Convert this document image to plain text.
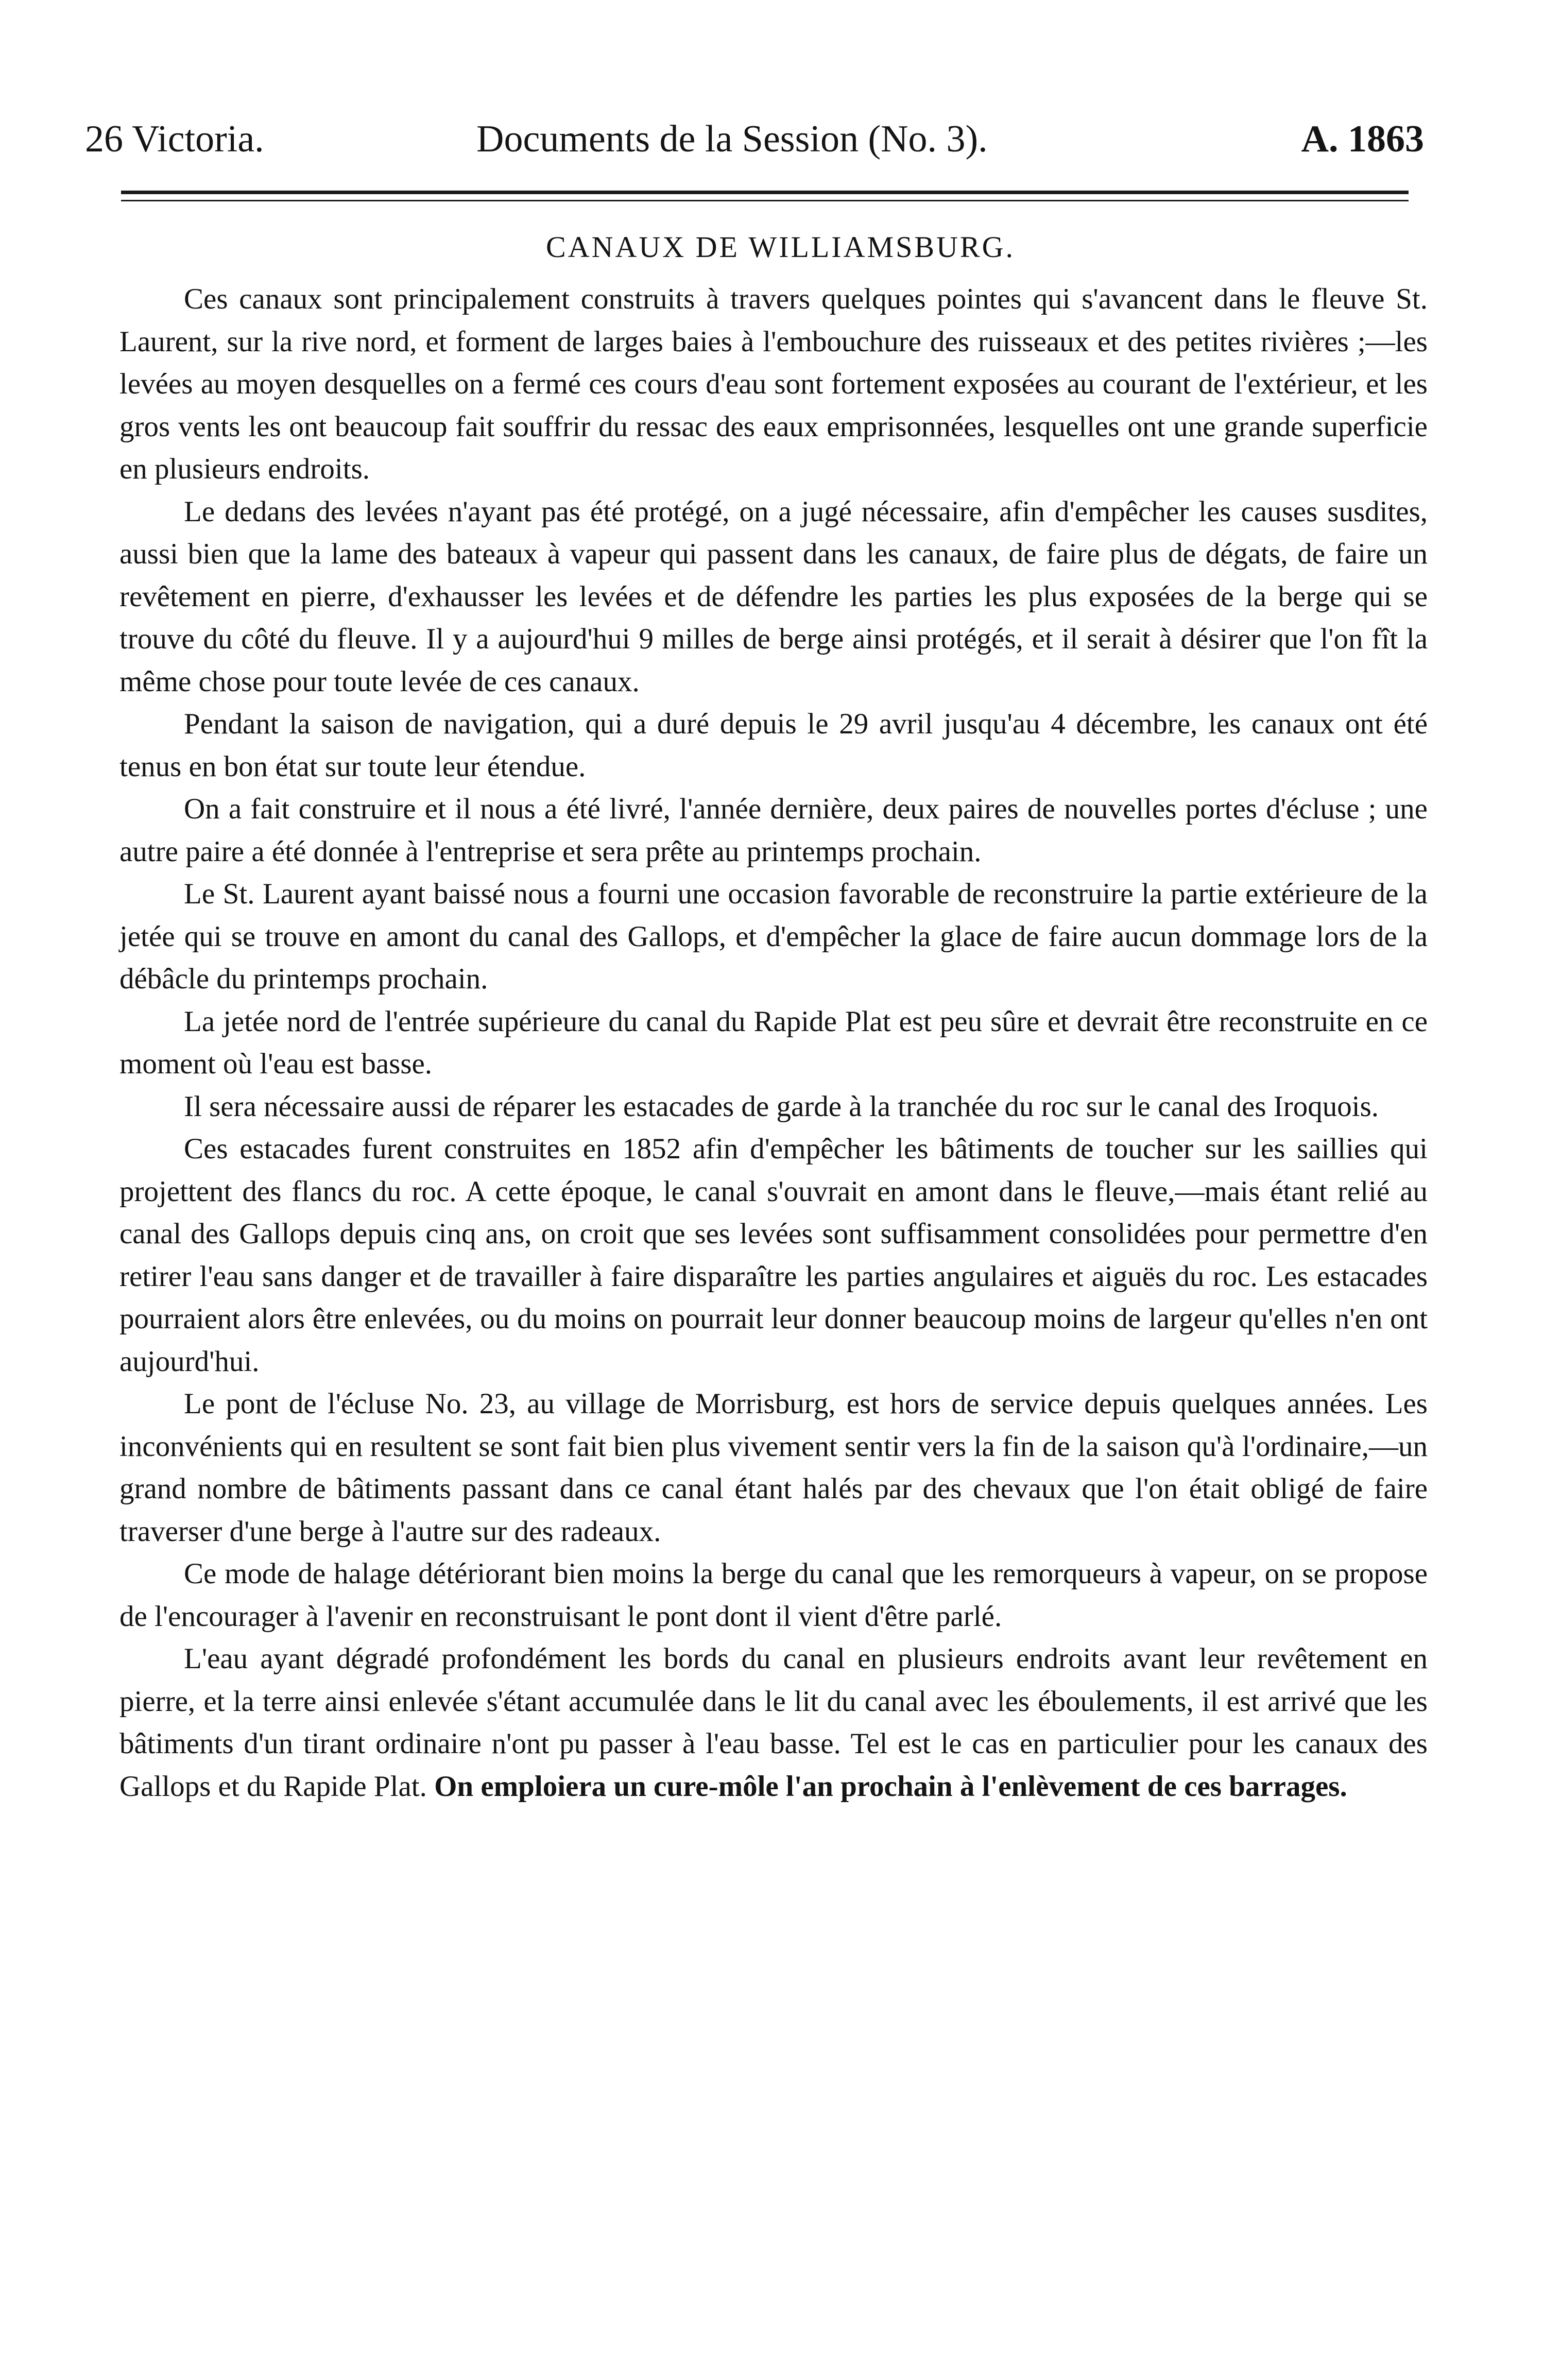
26 Victoria.	Documents de la Session (No. 3).	A. 1863
CANAUX DE WILLIAMSBURG.

Ces canaux sont principalement construits à travers quelques pointes qui s'avancent dans le fleuve St. Laurent, sur la rive nord, et forment de larges baies à l'embouchure des ruisseaux et des petites rivières ;—les levées au moyen desquelles on a fermé ces cours d'eau sont fortement exposées au courant de l'extérieur, et les gros vents les ont beaucoup fait souffrir du ressac des eaux emprisonnées, lesquelles ont une grande superficie en plusieurs endroits.

Le dedans des levées n'ayant pas été protégé, on a jugé nécessaire, afin d'empêcher les causes susdites, aussi bien que la lame des bateaux à vapeur qui passent dans les canaux, de faire plus de dégats, de faire un revêtement en pierre, d'exhausser les levées et de défendre les parties les plus exposées de la berge qui se trouve du côté du fleuve. Il y a aujourd'hui 9 milles de berge ainsi protégés, et il serait à désirer que l'on fît la même chose pour toute levée de ces canaux.

Pendant la saison de navigation, qui a duré depuis le 29 avril jusqu'au 4 décembre, les canaux ont été tenus en bon état sur toute leur étendue.

On a fait construire et il nous a été livré, l'année dernière, deux paires de nouvelles portes d'écluse ; une autre paire a été donnée à l'entreprise et sera prête au printemps prochain.

Le St. Laurent ayant baissé nous a fourni une occasion favorable de reconstruire la partie extérieure de la jetée qui se trouve en amont du canal des Gallops, et d'empêcher la glace de faire aucun dommage lors de la débâcle du printemps prochain.

La jetée nord de l'entrée supérieure du canal du Rapide Plat est peu sûre et devrait être reconstruite en ce moment où l'eau est basse.

Il sera nécessaire aussi de réparer les estacades de garde à la tranchée du roc sur le canal des Iroquois.

Ces estacades furent construites en 1852 afin d'empêcher les bâtiments de toucher sur les saillies qui projettent des flancs du roc. A cette époque, le canal s'ouvrait en amont dans le fleuve,—mais étant relié au canal des Gallops depuis cinq ans, on croit que ses levées sont suffisamment consolidées pour permettre d'en retirer l'eau sans danger et de travailler à faire disparaître les parties angulaires et aiguës du roc. Les estacades pourraient alors être enlevées, ou du moins on pourrait leur donner beaucoup moins de largeur qu'elles n'en ont aujourd'hui.

Le pont de l'écluse No. 23, au village de Morrisburg, est hors de service depuis quelques années. Les inconvénients qui en resultent se sont fait bien plus vivement sentir vers la fin de la saison qu'à l'ordinaire,—un grand nombre de bâtiments passant dans ce canal étant halés par des chevaux que l'on était obligé de faire traverser d'une berge à l'autre sur des radeaux.

Ce mode de halage détériorant bien moins la berge du canal que les remorqueurs à vapeur, on se propose de l'encourager à l'avenir en reconstruisant le pont dont il vient d'être parlé.

L'eau ayant dégradé profondément les bords du canal en plusieurs endroits avant leur revêtement en pierre, et la terre ainsi enlevée s'étant accumulée dans le lit du canal avec les éboulements, il est arrivé que les bâtiments d'un tirant ordinaire n'ont pu passer à l'eau basse. Tel est le cas en particulier pour les canaux des Gallops et du Rapide Plat. On emploiera un cure-môle l'an prochain à l'enlèvement de ces barrages.
